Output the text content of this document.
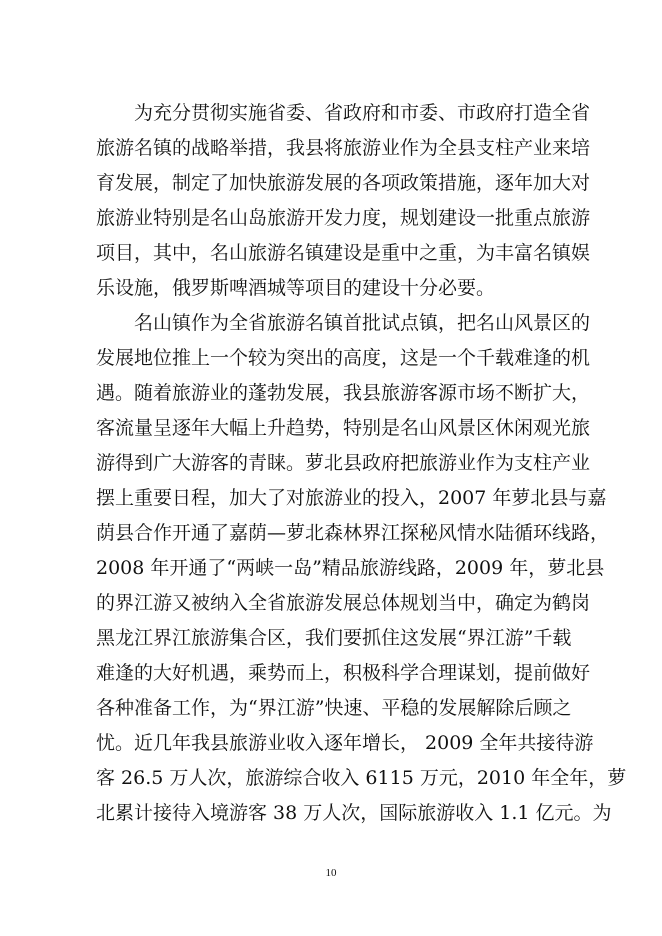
为充分贯彻实施省委、省政府和市委、市政府打造全省
旅游名镇的战略举措，我县将旅游业作为全县支柱产业来培
育发展，制定了加快旅游发展的各项政策措施，逐年加大对
旅游业特别是名山岛旅游开发力度，规划建设一批重点旅游
项目，其中，名山旅游名镇建设是重中之重，为丰富名镇娱
乐设施，俄罗斯啤酒城等项目的建设十分必要。
名山镇作为全省旅游名镇首批试点镇，把名山风景区的
发展地位推上一个较为突出的高度，这是一个千载难逢的机
遇。随着旅游业的蓬勃发展，我县旅游客源市场不断扩大，
客流量呈逐年大幅上升趋势，特别是名山风景区休闲观光旅
游得到广大游客的青睐。萝北县政府把旅游业作为支柱产业
摆上重要日程，加大了对旅游业的投入，2007 年萝北县与嘉
荫县合作开通了嘉荫—萝北森林界江探秘风情水陆循环线路，
2008 年开通了“两峡一岛”精品旅游线路，2009 年，萝北县
的界江游又被纳入全省旅游发展总体规划当中，确定为鹤岗
黑龙江界江旅游集合区，我们要抓住这发展“界江游”千载
难逢的大好机遇，乘势而上，积极科学合理谋划，提前做好
各种准备工作，为“界江游”快速、平稳的发展解除后顾之
忧。近几年我县旅游业收入逐年增长， 2009 全年共接待游
客 26.5 万人次，旅游综合收入 6115 万元，2010 年全年，萝
北累计接待入境游客 38 万人次，国际旅游收入 1.1 亿元。为
10
